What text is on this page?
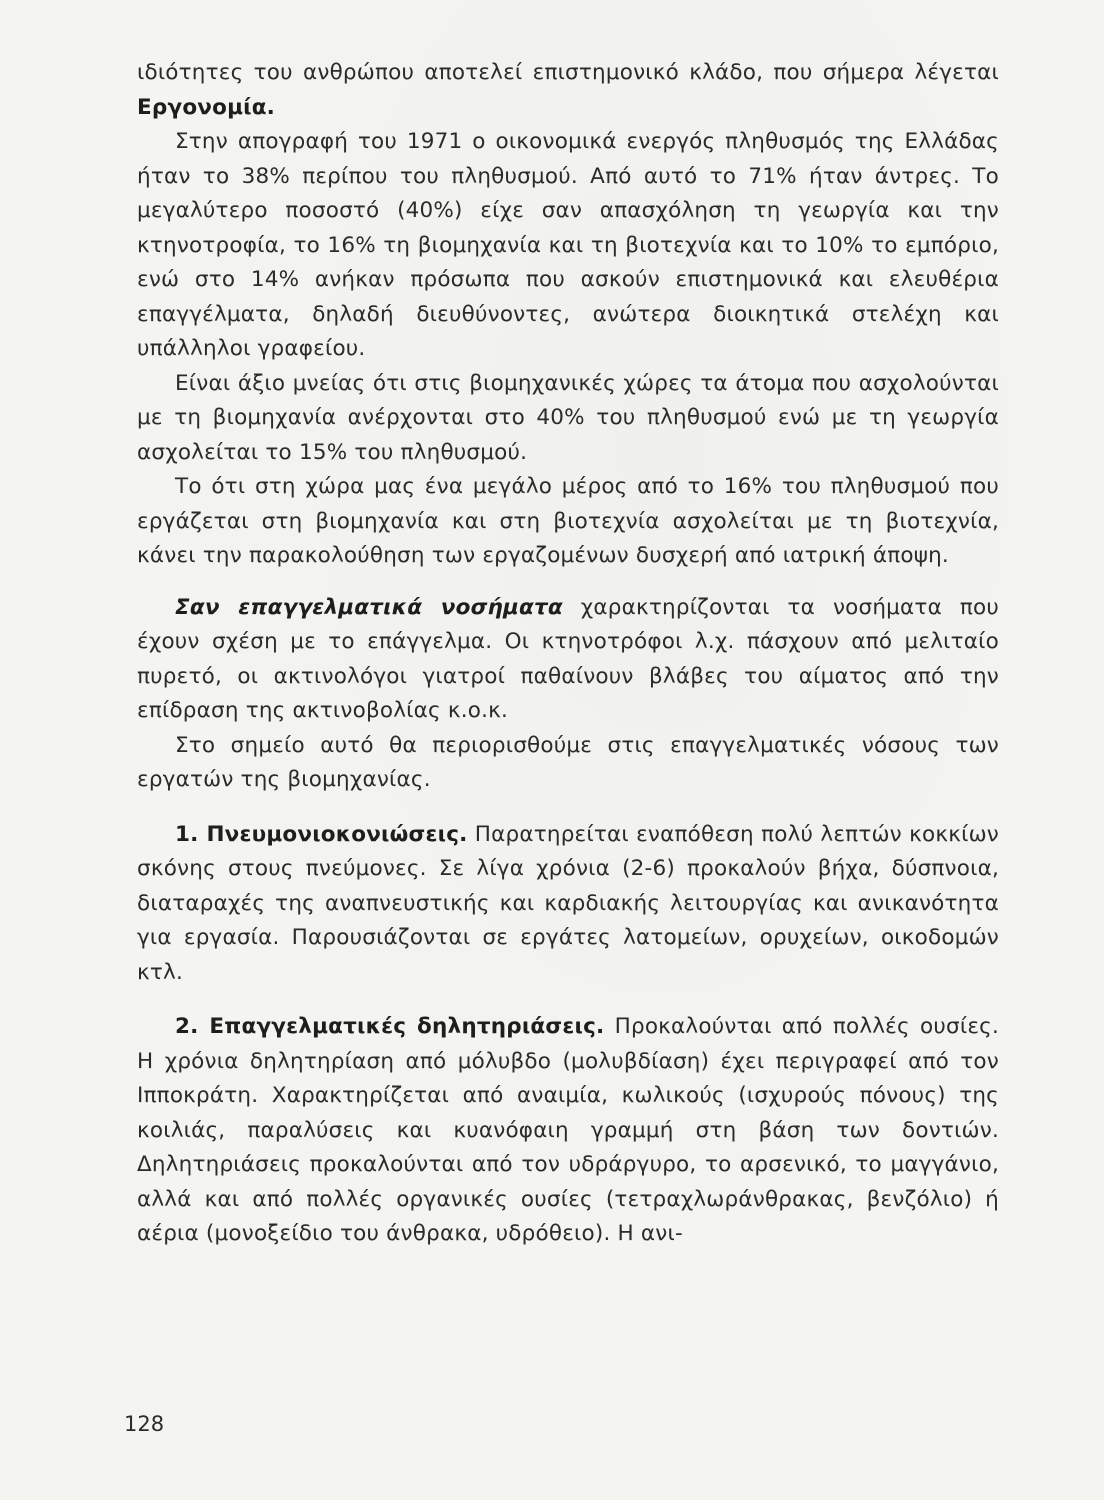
ιδιότητες του ανθρώπου αποτελεί επιστημονικό κλάδο, που σήμερα λέγεται Εργονομία.

Στην απογραφή του 1971 ο οικονομικά ενεργός πληθυσμός της Ελλάδας ήταν το 38% περίπου του πληθυσμού. Από αυτό το 71% ήταν άντρες. Το μεγαλύτερο ποσοστό (40%) είχε σαν απασχόληση τη γεωργία και την κτηνοτροφία, το 16% τη βιομηχανία και τη βιοτεχνία και το 10% το εμπόριο, ενώ στο 14% ανήκαν πρόσωπα που ασκούν επιστημονικά και ελευθέρια επαγγέλματα, δηλαδή διευθύνοντες, ανώτερα διοικητικά στελέχη και υπάλληλοι γραφείου.

Είναι άξιο μνείας ότι στις βιομηχανικές χώρες τα άτομα που ασχολούνται με τη βιομηχανία ανέρχονται στο 40% του πληθυσμού ενώ με τη γεωργία ασχολείται το 15% του πληθυσμού.

Το ότι στη χώρα μας ένα μεγάλο μέρος από το 16% του πληθυσμού που εργάζεται στη βιομηχανία και στη βιοτεχνία ασχολείται με τη βιοτεχνία, κάνει την παρακολούθηση των εργαζομένων δυσχερή από ιατρική άποψη.

Σαν επαγγελματικά νοσήματα χαρακτηρίζονται τα νοσήματα που έχουν σχέση με το επάγγελμα. Οι κτηνοτρόφοι λ.χ. πάσχουν από μελιταίο πυρετό, οι ακτινολόγοι γιατροί παθαίνουν βλάβες του αίματος από την επίδραση της ακτινοβολίας κ.ο.κ.

Στο σημείο αυτό θα περιορισθούμε στις επαγγελματικές νόσους των εργατών της βιομηχανίας.

1. Πνευμονιοκονιώσεις. Παρατηρείται εναπόθεση πολύ λεπτών κοκκίων σκόνης στους πνεύμονες. Σε λίγα χρόνια (2-6) προκαλούν βήχα, δύσπνοια, διαταραχές της αναπνευστικής και καρδιακής λειτουργίας και ανικανότητα για εργασία. Παρουσιάζονται σε εργάτες λατομείων, ορυχείων, οικοδομών κτλ.

2. Επαγγελματικές δηλητηριάσεις. Προκαλούνται από πολλές ουσίες. Η χρόνια δηλητηρίαση από μόλυβδο (μολυβδίαση) έχει περιγραφεί από τον Ιπποκράτη. Χαρακτηρίζεται από αναιμία, κωλικούς (ισχυρούς πόνους) της κοιλιάς, παραλύσεις και κυανόφαιη γραμμή στη βάση των δοντιών. Δηλητηριάσεις προκαλούνται από τον υδράργυρο, το αρσενικό, το μαγγάνιο, αλλά και από πολλές οργανικές ουσίες (τετραχλωράνθρακας, βενζόλιο) ή αέρια (μονοξείδιο του άνθρακα, υδρόθειο). Η ανι-

128
